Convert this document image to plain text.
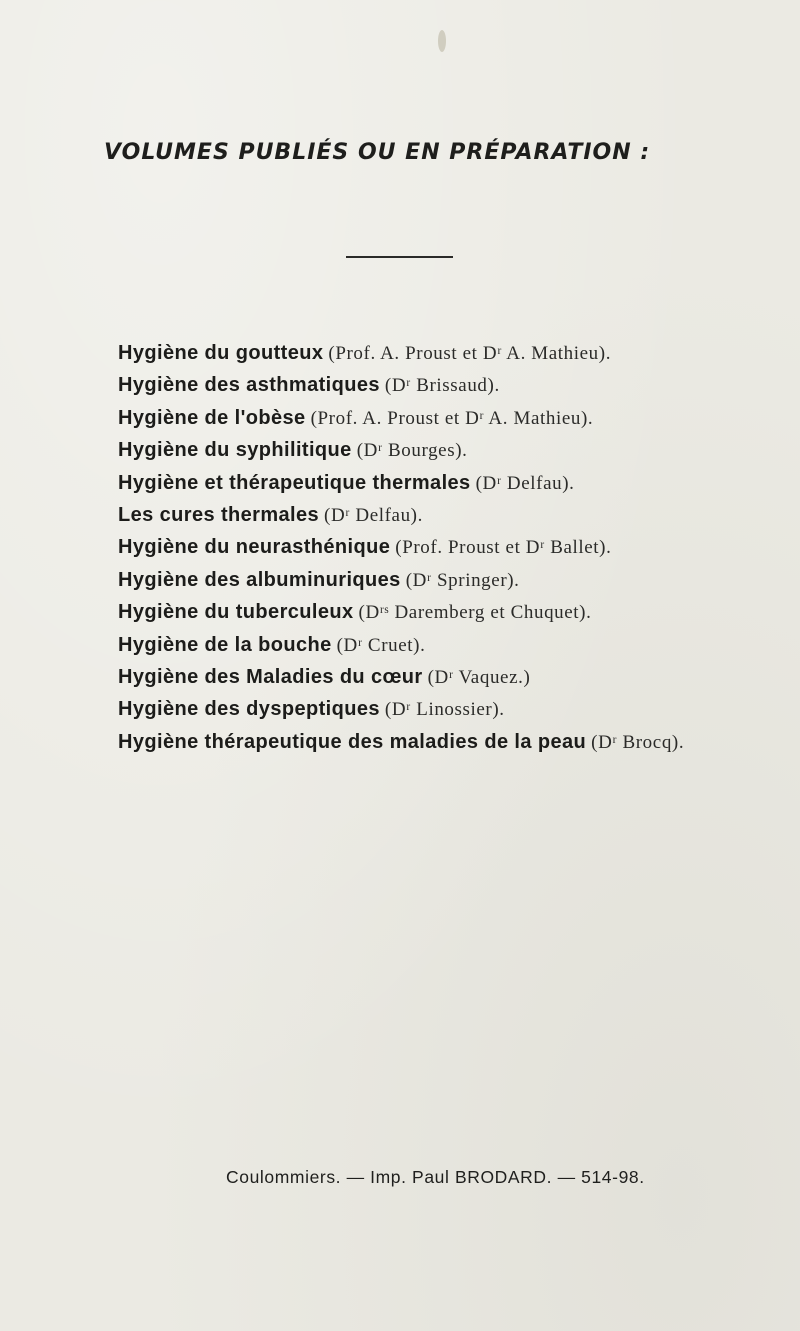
VOLUMES PUBLIÉS OU EN PRÉPARATION :
Hygiène du goutteux (Prof. A. Proust et Dʳ A. Mathieu).
Hygiène des asthmatiques (Dʳ Brissaud).
Hygiène de l'obèse (Prof. A. Proust et Dʳ A. Mathieu).
Hygiène du syphilitique (Dʳ Bourges).
Hygiène et thérapeutique thermales (Dʳ Delfau).
Les cures thermales (Dʳ Delfau).
Hygiène du neurasthénique (Prof. Proust et Dʳ Ballet).
Hygiène des albuminuriques (Dʳ Springer).
Hygiène du tuberculeux (Dʳˢ Daremberg et Chuquet).
Hygiène de la bouche (Dʳ Cruet).
Hygiène des Maladies du cœur (Dʳ Vaquez.)
Hygiène des dyspeptiques (Dʳ Linossier).
Hygiène thérapeutique des maladies de la peau (Dʳ Brocq).
Coulommiers. — Imp. Paul BRODARD. — 514-98.
